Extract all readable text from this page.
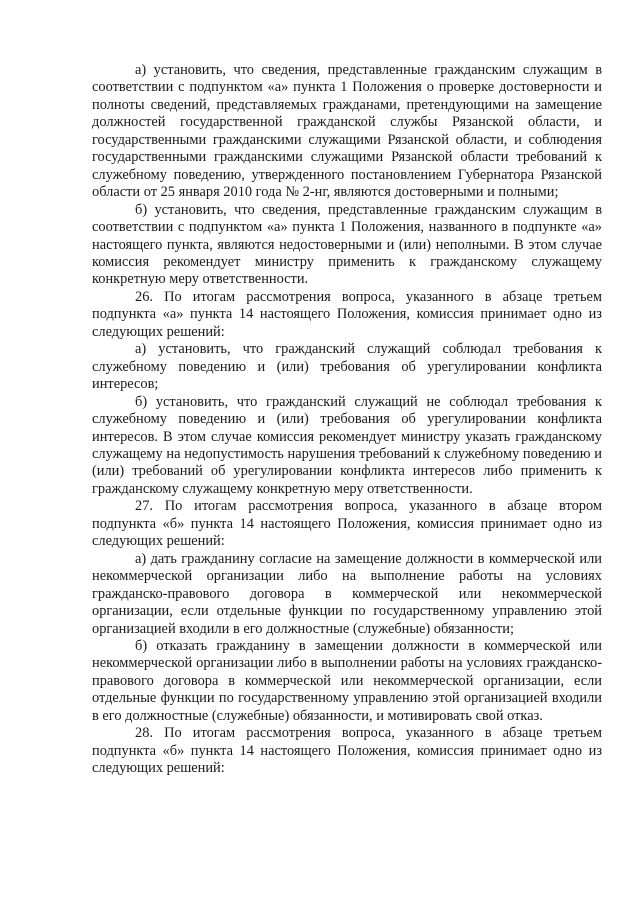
а) установить, что сведения, представленные гражданским служащим в соответствии с подпунктом «а» пункта 1 Положения о проверке достоверности и полноты сведений, представляемых гражданами, претендующими на замещение должностей государственной гражданской службы Рязанской области, и государственными гражданскими служащими Рязанской области, и соблюдения государственными гражданскими служащими Рязанской области требований к служебному поведению, утвержденного постановлением Губернатора Рязанской области от 25 января 2010 года № 2-нг, являются достоверными и полными;

б) установить, что сведения, представленные гражданским служащим в соответствии с подпунктом «а» пункта 1 Положения, названного в подпункте «а» настоящего пункта, являются недостоверными и (или) неполными. В этом случае комиссия рекомендует министру применить к гражданскому служащему конкретную меру ответственности.

26. По итогам рассмотрения вопроса, указанного в абзаце третьем подпункта «а» пункта 14 настоящего Положения, комиссия принимает одно из следующих решений:

а) установить, что гражданский служащий соблюдал требования к служебному поведению и (или) требования об урегулировании конфликта интересов;

б) установить, что гражданский служащий не соблюдал требования к служебному поведению и (или) требования об урегулировании конфликта интересов. В этом случае комиссия рекомендует министру указать гражданскому служащему на недопустимость нарушения требований к служебному поведению и (или) требований об урегулировании конфликта интересов либо применить к гражданскому служащему конкретную меру ответственности.

27. По итогам рассмотрения вопроса, указанного в абзаце втором подпункта «б» пункта 14 настоящего Положения, комиссия принимает одно из следующих решений:

а) дать гражданину согласие на замещение должности в коммерческой или некоммерческой организации либо на выполнение работы на условиях гражданско-правового договора в коммерческой или некоммерческой организации, если отдельные функции по государственному управлению этой организацией входили в его должностные (служебные) обязанности;

б) отказать гражданину в замещении должности в коммерческой или некоммерческой организации либо в выполнении работы на условиях гражданско-правового договора в коммерческой или некоммерческой организации, если отдельные функции по государственному управлению этой организацией входили в его должностные (служебные) обязанности, и мотивировать свой отказ.

28. По итогам рассмотрения вопроса, указанного в абзаце третьем подпункта «б» пункта 14 настоящего Положения, комиссия принимает одно из следующих решений:
